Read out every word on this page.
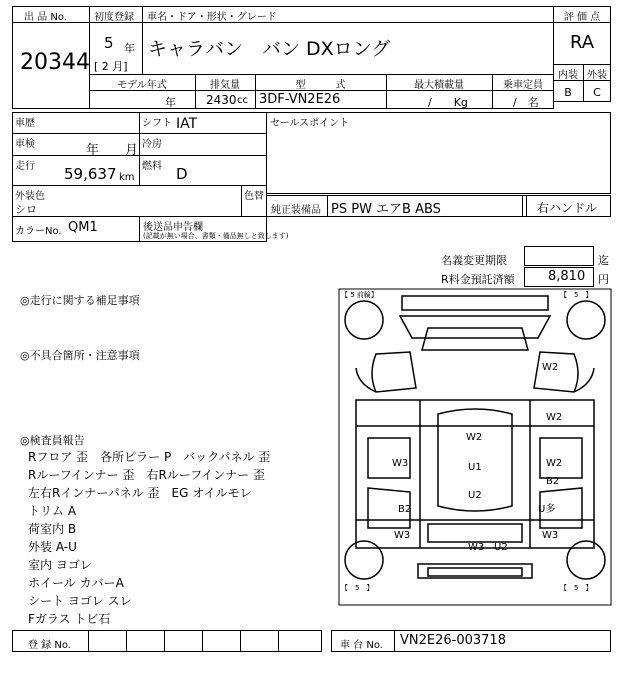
出 品 No.
20344
初度登録
5 年
[ 2 月]
車名・ドア・形状・グレード
キャラバン　バン DXロング
モデル年式
年
排気量
2430 cc
型　　　式
3DF-VN2E26
最大積載量
/　　Kg
乗車定員
/　名
評 価 点
RA
内装 外装
B	C
車歴	シフト IAT
車検	年　　月 冷房
走行 59,637 km
燃料 D
外装色
シロ
色替
カラーNo. QM1	後送品申告欄
(記載が無い場合、書類・備品無しと致します)
セールスポイント
純正装備品 PS PW エアB ABS	右ハンドル
名義変更期限	迄
R料金預託済額	8,810 円
◎走行に関する補足事項
◎不具合箇所・注意事項
◎検査員報告
Rフロア 歪　各所ピラー P　バックパネル 歪
Rルーフインナー 歪　右Rルーフインナー 歪
左右Rインナーパネル 歪　EG オイルモレ
トリム A
荷室内 B
外装 A-U
室内 ヨゴレ
ホイール カバーA
シート ヨゴレ スレ
Fガラス トビ石
【 5 前輪】	【　5　】
【　5　】	【　5　】
W2
W2
W2
W3	U1	W2
B2
U2
B2	U多
W3	W3
W3 U2
登 録 No.	車 台 No. VN2E26-003718
